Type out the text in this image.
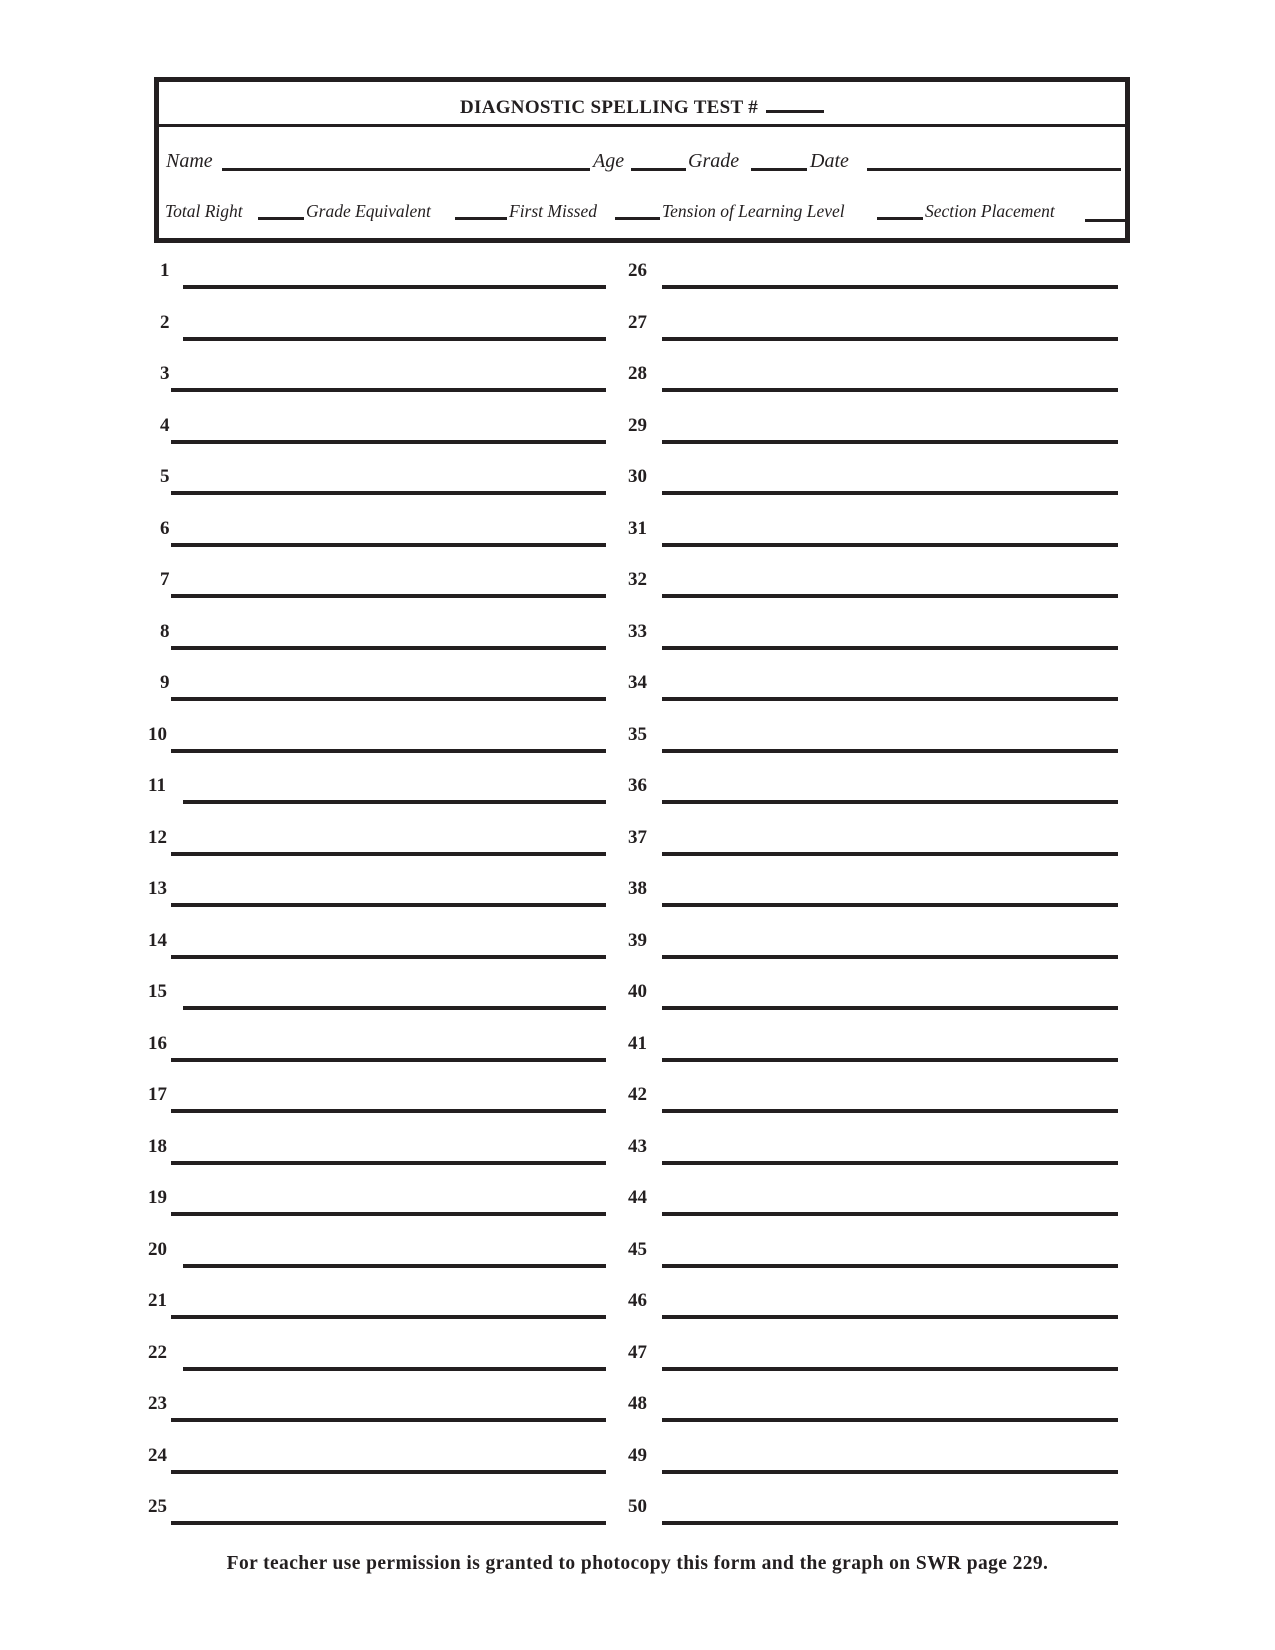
DIAGNOSTIC SPELLING TEST #
Name	Age	Grade	Date
Total Right	Grade Equivalent	First Missed	Tension of Learning Level	Section Placement
1	26
2	27
3	28
4	29
5	30
6	31
7	32
8	33
9	34
10	35
11	36
12	37
13	38
14	39
15	40
16	41
17	42
18	43
19	44
20	45
21	46
22	47
23	48
24	49
25	50
For teacher use permission is granted to photocopy this form and the graph on SWR page 229.
